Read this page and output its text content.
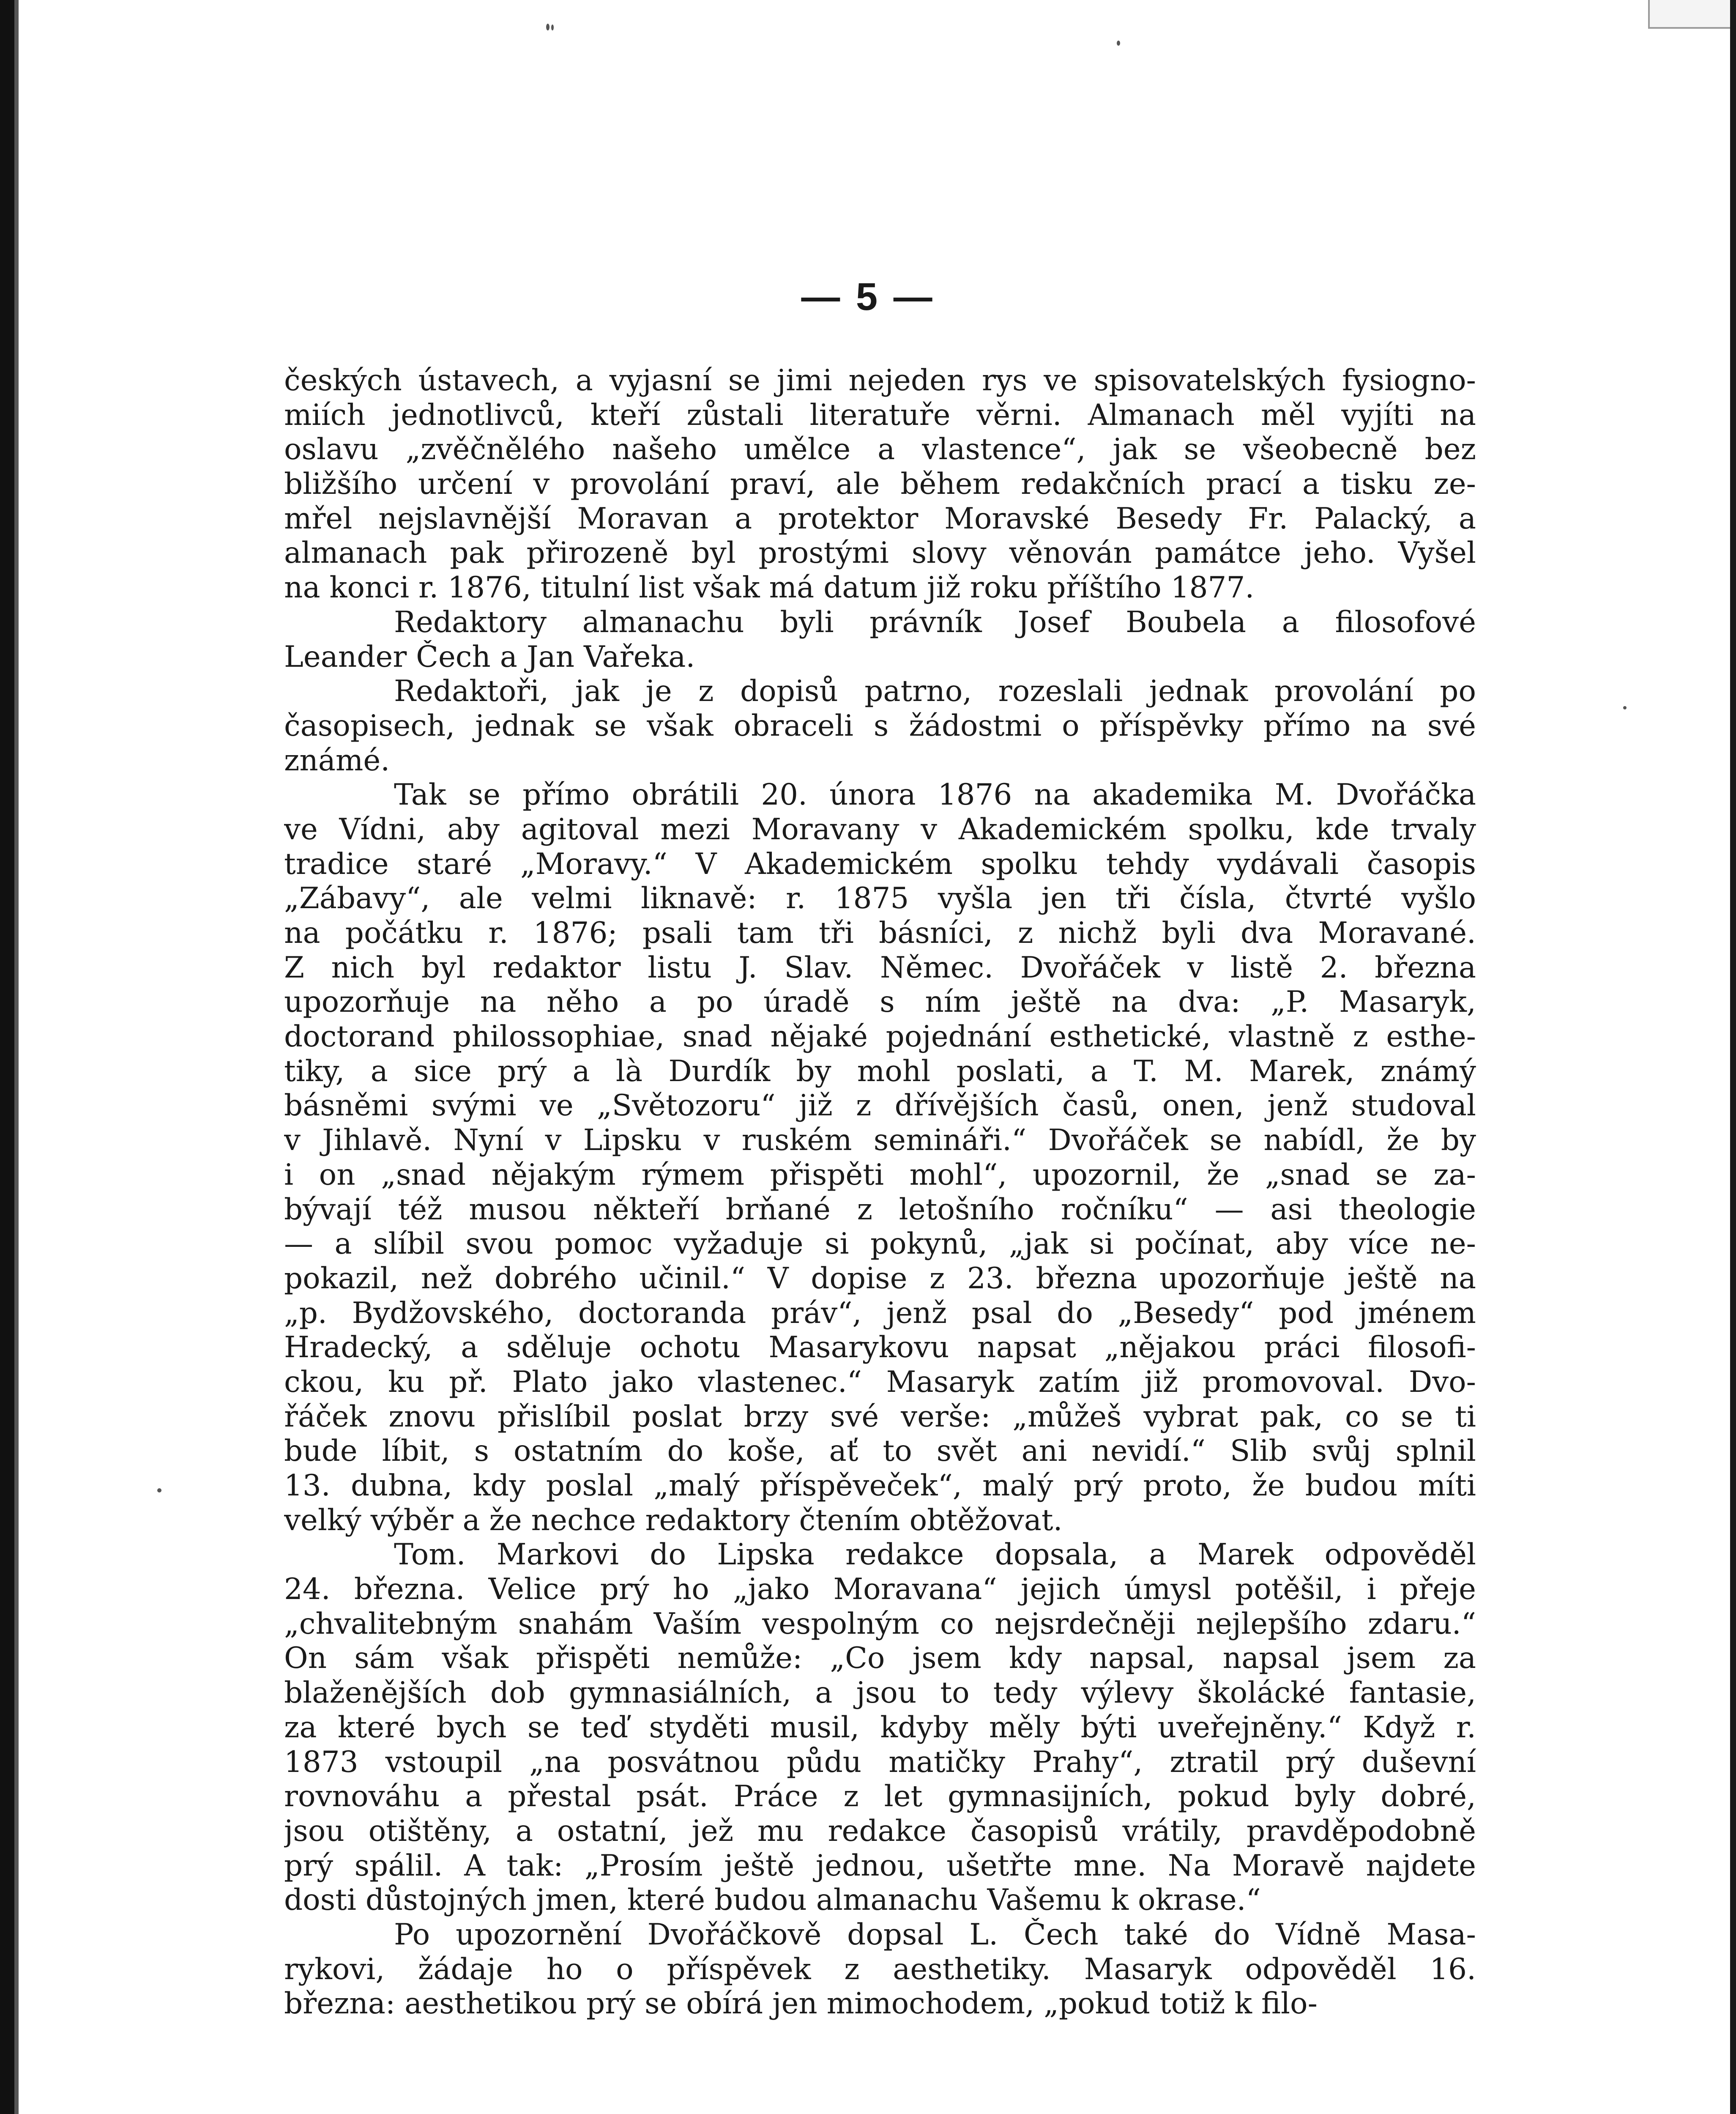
— 5 —
českých ústavech, a vyjasní se jimi nejeden rys ve spisovatelských fysiogno-
miích jednotlivců, kteří zůstali literatuře věrni. Almanach měl vyjíti na
oslavu „zvěčnělého našeho umělce a vlastence“, jak se všeobecně bez
bližšího určení v provolání praví, ale během redakčních prací a tisku ze-
mřel nejslavnější Moravan a protektor Moravské Besedy Fr. Palacký, a
almanach pak přirozeně byl prostými slovy věnován památce jeho. Vyšel
na konci r. 1876, titulní list však má datum již roku příštího 1877.
Redaktory almanachu byli právník Josef Boubela a filosofové
Leander Čech a Jan Vařeka.
Redaktoři, jak je z dopisů patrno, rozeslali jednak provolání po
časopisech, jednak se však obraceli s žádostmi o příspěvky přímo na své
známé.
Tak se přímo obrátili 20. února 1876 na akademika M. Dvořáčka
ve Vídni, aby agitoval mezi Moravany v Akademickém spolku, kde trvaly
tradice staré „Moravy.“ V Akademickém spolku tehdy vydávali časopis
„Zábavy“, ale velmi liknavě: r. 1875 vyšla jen tři čísla, čtvrté vyšlo
na počátku r. 1876; psali tam tři básníci, z nichž byli dva Moravané.
Z nich byl redaktor listu J. Slav. Němec. Dvořáček v listě 2. března
upozorňuje na něho a po úradě s ním ještě na dva: „P. Masaryk,
doctorand philossophiae, snad nějaké pojednání esthetické, vlastně z esthe-
tiky, a sice prý a là Durdík by mohl poslati, a T. M. Marek, známý
básněmi svými ve „Světozoru“ již z dřívějších časů, onen, jenž studoval
v Jihlavě. Nyní v Lipsku v ruském semináři.“ Dvořáček se nabídl, že by
i on „snad nějakým rýmem přispěti mohl“, upozornil, že „snad se za-
bývají též musou někteří brňané z letošního ročníku“ — asi theologie
— a slíbil svou pomoc vyžaduje si pokynů, „jak si počínat, aby více ne-
pokazil, než dobrého učinil.“ V dopise z 23. března upozorňuje ještě na
„p. Bydžovského, doctoranda práv“, jenž psal do „Besedy“ pod jménem
Hradecký, a sděluje ochotu Masarykovu napsat „nějakou práci filosofi-
ckou, ku př. Plato jako vlastenec.“ Masaryk zatím již promovoval. Dvo-
řáček znovu přislíbil poslat brzy své verše: „můžeš vybrat pak, co se ti
bude líbit, s ostatním do koše, ať to svět ani nevidí.“ Slib svůj splnil
13. dubna, kdy poslal „malý příspěveček“, malý prý proto, že budou míti
velký výběr a že nechce redaktory čtením obtěžovat.
Tom. Markovi do Lipska redakce dopsala, a Marek odpověděl
24. března. Velice prý ho „jako Moravana“ jejich úmysl potěšil, i přeje
„chvalitebným snahám Vaším vespolným co nejsrdečněji nejlepšího zdaru.“
On sám však přispěti nemůže: „Co jsem kdy napsal, napsal jsem za
blaženějších dob gymnasiálních, a jsou to tedy výlevy školácké fantasie,
za které bych se teď styděti musil, kdyby měly býti uveřejněny.“ Když r.
1873 vstoupil „na posvátnou půdu matičky Prahy“, ztratil prý duševní
rovnováhu a přestal psát. Práce z let gymnasijních, pokud byly dobré,
jsou otištěny, a ostatní, jež mu redakce časopisů vrátily, pravděpodobně
prý spálil. A tak: „Prosím ještě jednou, ušetřte mne. Na Moravě najdete
dosti důstojných jmen, které budou almanachu Vašemu k okrase.“
Po upozornění Dvořáčkově dopsal L. Čech také do Vídně Masa-
rykovi, žádaje ho o příspěvek z aesthetiky. Masaryk odpověděl 16.
března: aesthetikou prý se obírá jen mimochodem, „pokud totiž k filo-
